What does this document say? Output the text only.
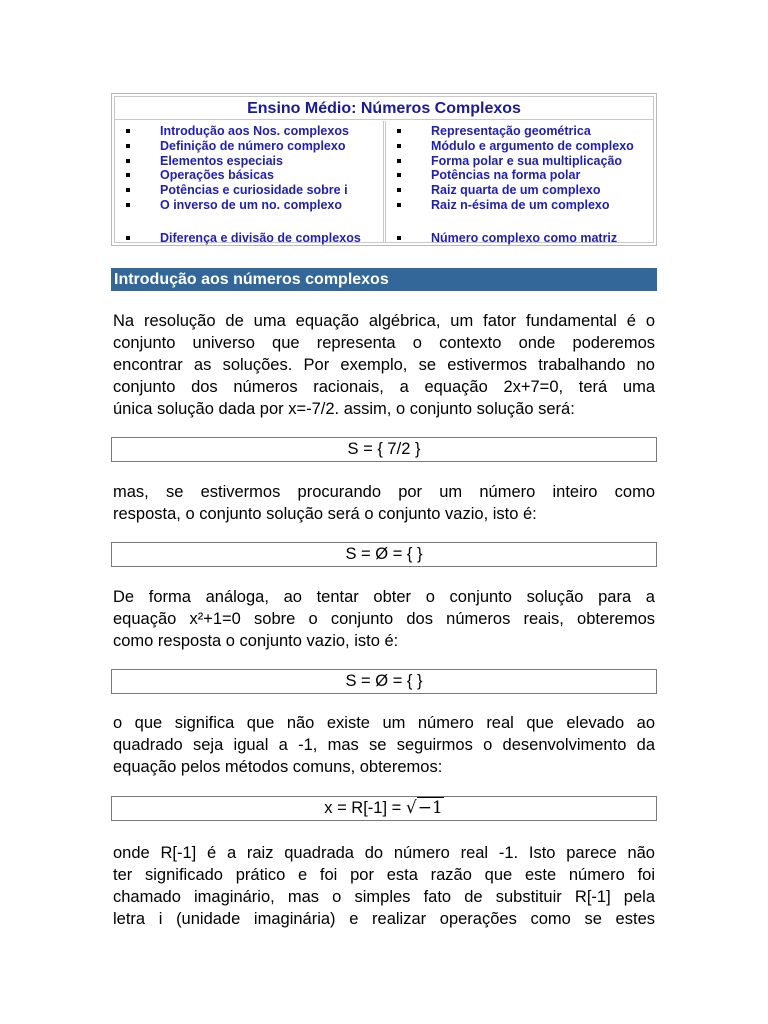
Ensino Médio: Números Complexos
Introdução aos Nos. complexos
Definição de número complexo
Elementos especiais
Operações básicas
Potências e curiosidade sobre i
O inverso de um no. complexo
Diferença e divisão de complexos
Representação geométrica
Módulo e argumento de complexo
Forma polar e sua multiplicação
Potências na forma polar
Raiz quarta de um complexo
Raiz n-ésima de um complexo
Número complexo como matriz
Introdução aos números complexos
Na resolução de uma equação algébrica, um fator fundamental é o
conjunto universo que representa o contexto onde poderemos
encontrar as soluções. Por exemplo, se estivermos trabalhando no
conjunto dos números racionais, a equação 2x+7=0, terá uma
única solução dada por x=-7/2. assim, o conjunto solução será:
S = { 7/2 }
mas, se estivermos procurando por um número inteiro como
resposta, o conjunto solução será o conjunto vazio, isto é:
S = Ø = { }
De forma análoga, ao tentar obter o conjunto solução para a
equação x²+1=0 sobre o conjunto dos números reais, obteremos
como resposta o conjunto vazio, isto é:
S = Ø = { }
o que significa que não existe um número real que elevado ao
quadrado seja igual a -1, mas se seguirmos o desenvolvimento da
equação pelos métodos comuns, obteremos:
x = R[-1] = √−1
onde R[-1] é a raiz quadrada do número real -1. Isto parece não
ter significado prático e foi por esta razão que este número foi
chamado imaginário, mas o simples fato de substituir R[-1] pela
letra i (unidade imaginária) e realizar operações como se estes
